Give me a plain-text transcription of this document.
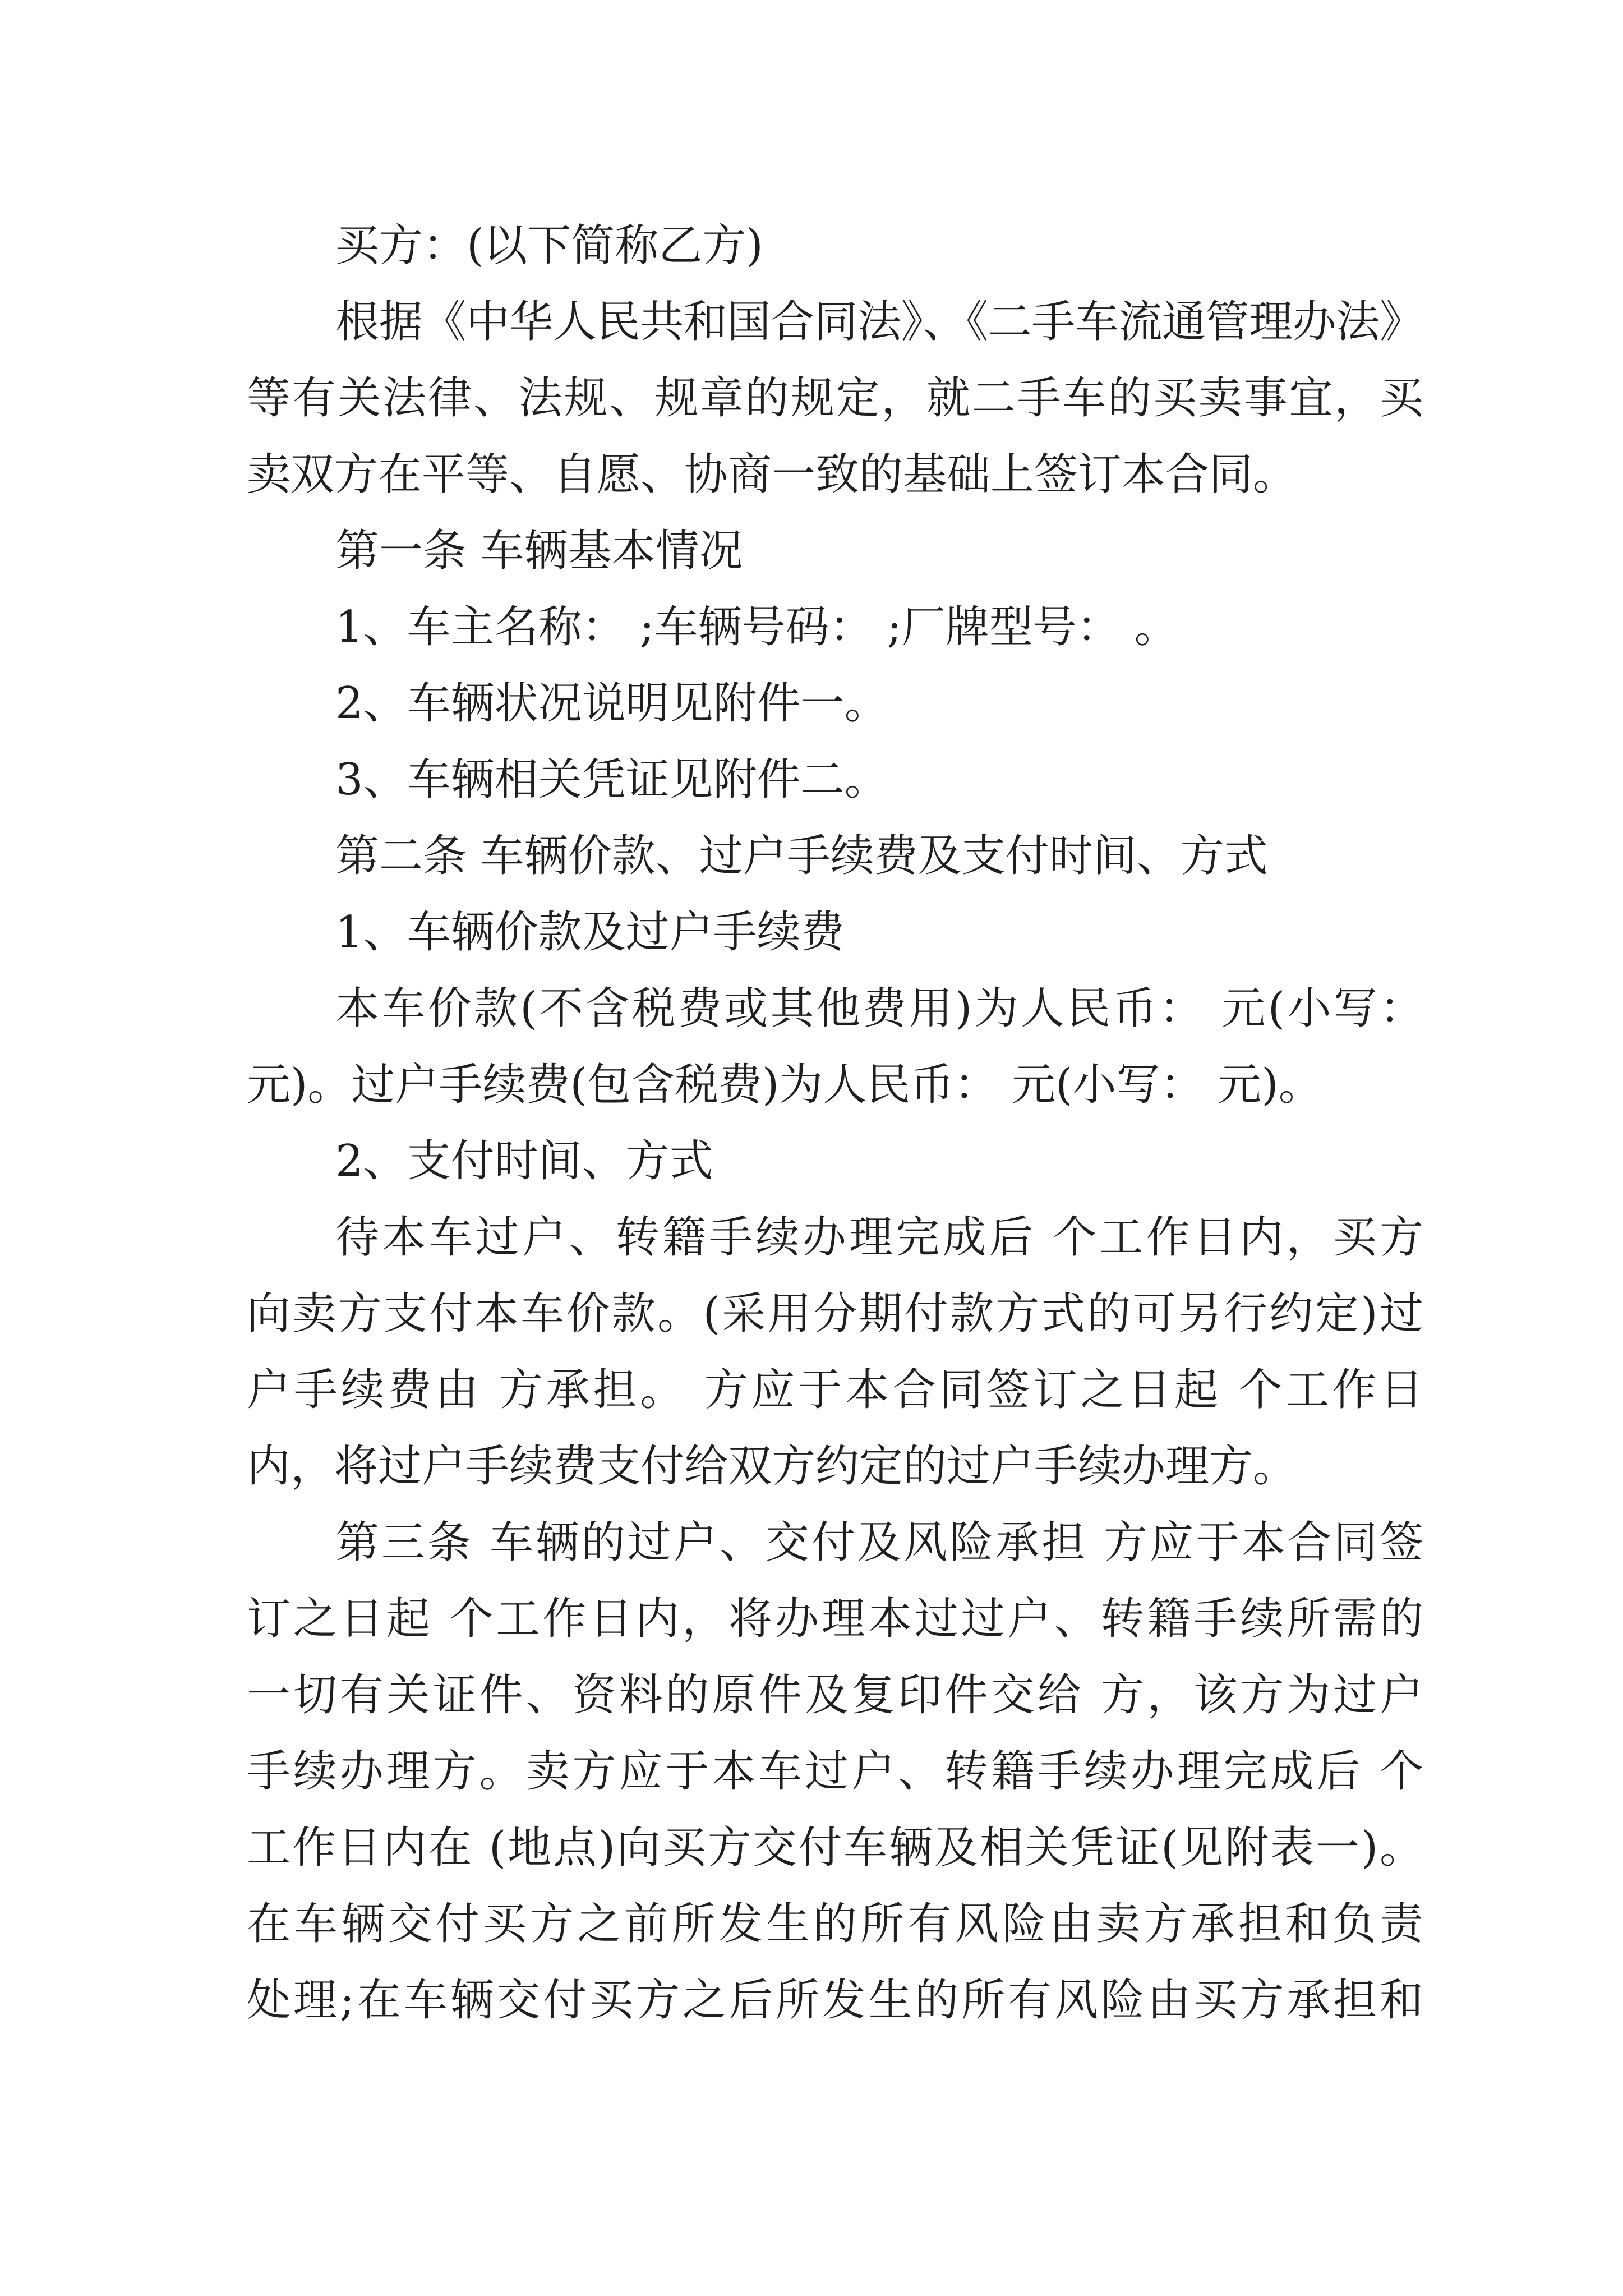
买方：(以下简称乙方)

根据《中华人民共和国合同法》、《二手车流通管理办法》

等有关法律、法规、规章的规定，就二手车的买卖事宜，买

卖双方在平等、自愿、协商一致的基础上签订本合同。

第一条 车辆基本情况

1、车主名称： ;车辆号码： ;厂牌型号： 。

2、车辆状况说明见附件一。

3、车辆相关凭证见附件二。

第二条 车辆价款、过户手续费及支付时间、方式

1、车辆价款及过户手续费

本车价款(不含税费或其他费用)为人民币： 元(小写：

元)。过户手续费(包含税费)为人民币： 元(小写： 元)。

2、支付时间、方式

待本车过户、转籍手续办理完成后 个工作日内，买方

向卖方支付本车价款。(采用分期付款方式的可另行约定)过

户手续费由 方承担。 方应于本合同签订之日起 个工作日

内，将过户手续费支付给双方约定的过户手续办理方。

第三条 车辆的过户、交付及风险承担 方应于本合同签

订之日起 个工作日内，将办理本过过户、转籍手续所需的

一切有关证件、资料的原件及复印件交给 方，该方为过户

手续办理方。卖方应于本车过户、转籍手续办理完成后 个

工作日内在 (地点)向买方交付车辆及相关凭证(见附表一)。

在车辆交付买方之前所发生的所有风险由卖方承担和负责

处理;在车辆交付买方之后所发生的所有风险由买方承担和
